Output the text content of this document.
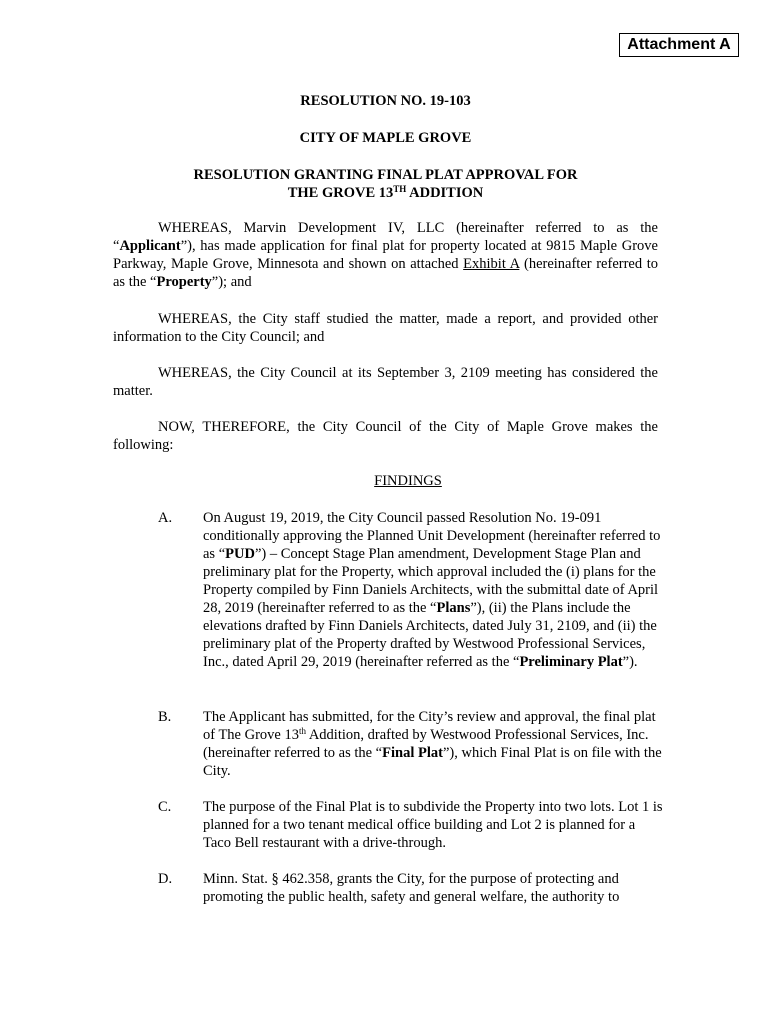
Attachment A
RESOLUTION NO. 19-103
CITY OF MAPLE GROVE
RESOLUTION GRANTING FINAL PLAT APPROVAL FOR
THE GROVE 13TH ADDITION
WHEREAS, Marvin Development IV, LLC (hereinafter referred to as the “Applicant”), has made application for final plat for property located at 9815 Maple Grove Parkway, Maple Grove, Minnesota and shown on attached Exhibit A (hereinafter referred to as the “Property”); and
WHEREAS, the City staff studied the matter, made a report, and provided other information to the City Council; and
WHEREAS, the City Council at its September 3, 2109 meeting has considered the matter.
NOW, THEREFORE, the City Council of the City of Maple Grove makes the following:
FINDINGS
A. On August 19, 2019, the City Council passed Resolution No. 19-091 conditionally approving the Planned Unit Development (hereinafter referred to as “PUD”) – Concept Stage Plan amendment, Development Stage Plan and preliminary plat for the Property, which approval included the (i) plans for the Property compiled by Finn Daniels Architects, with the submittal date of April 28, 2019 (hereinafter referred to as the “Plans”), (ii) the Plans include the elevations drafted by Finn Daniels Architects, dated July 31, 2109, and (ii) the preliminary plat of the Property drafted by Westwood Professional Services, Inc., dated April 29, 2019 (hereinafter referred as the “Preliminary Plat”).
B. The Applicant has submitted, for the City’s review and approval, the final plat of The Grove 13th Addition, drafted by Westwood Professional Services, Inc. (hereinafter referred to as the “Final Plat”), which Final Plat is on file with the City.
C. The purpose of the Final Plat is to subdivide the Property into two lots. Lot 1 is planned for a two tenant medical office building and Lot 2 is planned for a Taco Bell restaurant with a drive-through.
D. Minn. Stat. § 462.358, grants the City, for the purpose of protecting and promoting the public health, safety and general welfare, the authority to
